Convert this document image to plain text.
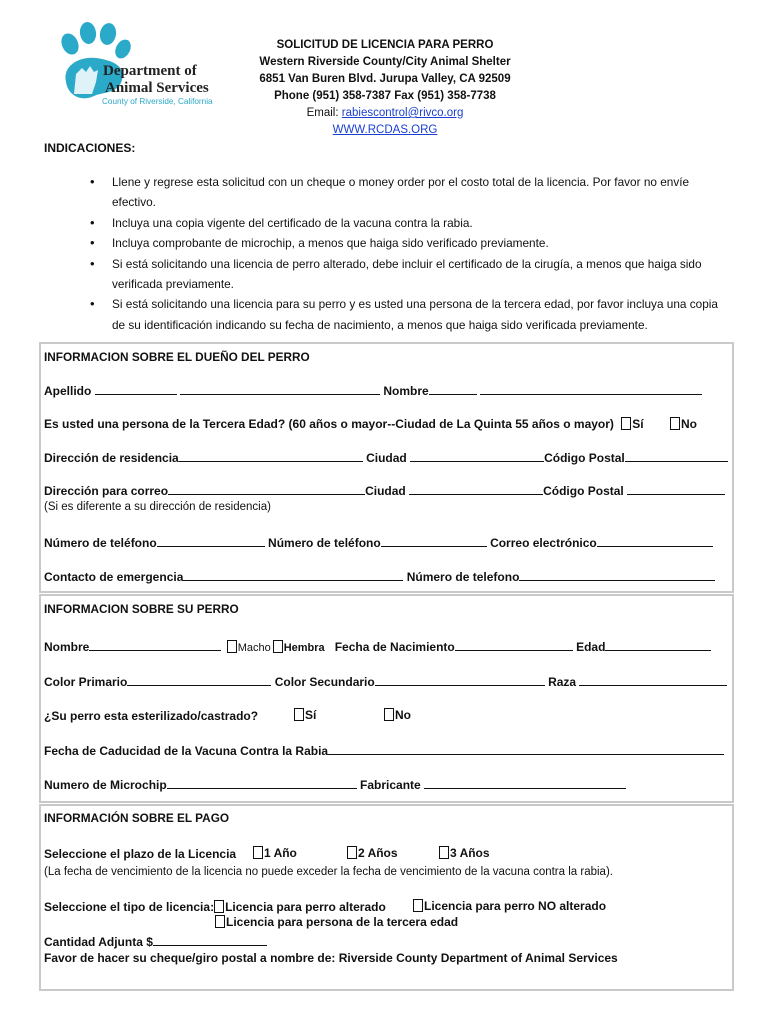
Department of
Animal Services
County of Riverside, California
SOLICITUD DE LICENCIA PARA PERRO
Western Riverside County/City Animal Shelter
6851 Van Buren Blvd. Jurupa Valley, CA 92509
Phone (951) 358-7387 Fax (951) 358-7738
Email: rabiescontrol@rivco.org
WWW.RCDAS.ORG
INDICACIONES:
• Llene y regrese esta solicitud con un cheque o money order por el costo total de la licencia. Por favor no envíe efectivo.
• Incluya una copia vigente del certificado de la vacuna contra la rabia.
• Incluya comprobante de microchip, a menos que haiga sido verificado previamente.
• Si está solicitando una licencia de perro alterado, debe incluir el certificado de la cirugía, a menos que haiga sido verificada previamente.
• Si está solicitando una licencia para su perro y es usted una persona de la tercera edad, por favor incluya una copia de su identificación indicando su fecha de nacimiento, a menos que haiga sido verificada previamente.
INFORMACION SOBRE EL DUEÑO DEL PERRO
Apellido	Nombre
Es usted una persona de la Tercera Edad? (60 años o mayor--Ciudad de La Quinta 55 años o mayor) Sí	No
Dirección de residencia	Ciudad	Código Postal
Dirección para correo	Ciudad	Código Postal
(Si es diferente a su dirección de residencia)
Número de teléfono	Número de teléfono	Correo electrónico
Contacto de emergencia	Número de telefono
INFORMACION SOBRE SU PERRO
Nombre	Macho Hembra Fecha de Nacimiento	Edad
Color Primario	Color Secundario	Raza
¿Su perro esta esterilizado/castrado?	Sí	No
Fecha de Caducidad de la Vacuna Contra la Rabia
Numero de Microchip	Fabricante
INFORMACIÓN SOBRE EL PAGO
Seleccione el plazo de la Licencia	1 Año	2 Años	3 Años
(La fecha de vencimiento de la licencia no puede exceder la fecha de vencimiento de la vacuna contra la rabia).
Seleccione el tipo de licencia: Licencia para perro alterado	Licencia para perro NO alterado
Licencia para persona de la tercera edad
Cantidad Adjunta $
Favor de hacer su cheque/giro postal a nombre de: Riverside County Department of Animal Services
